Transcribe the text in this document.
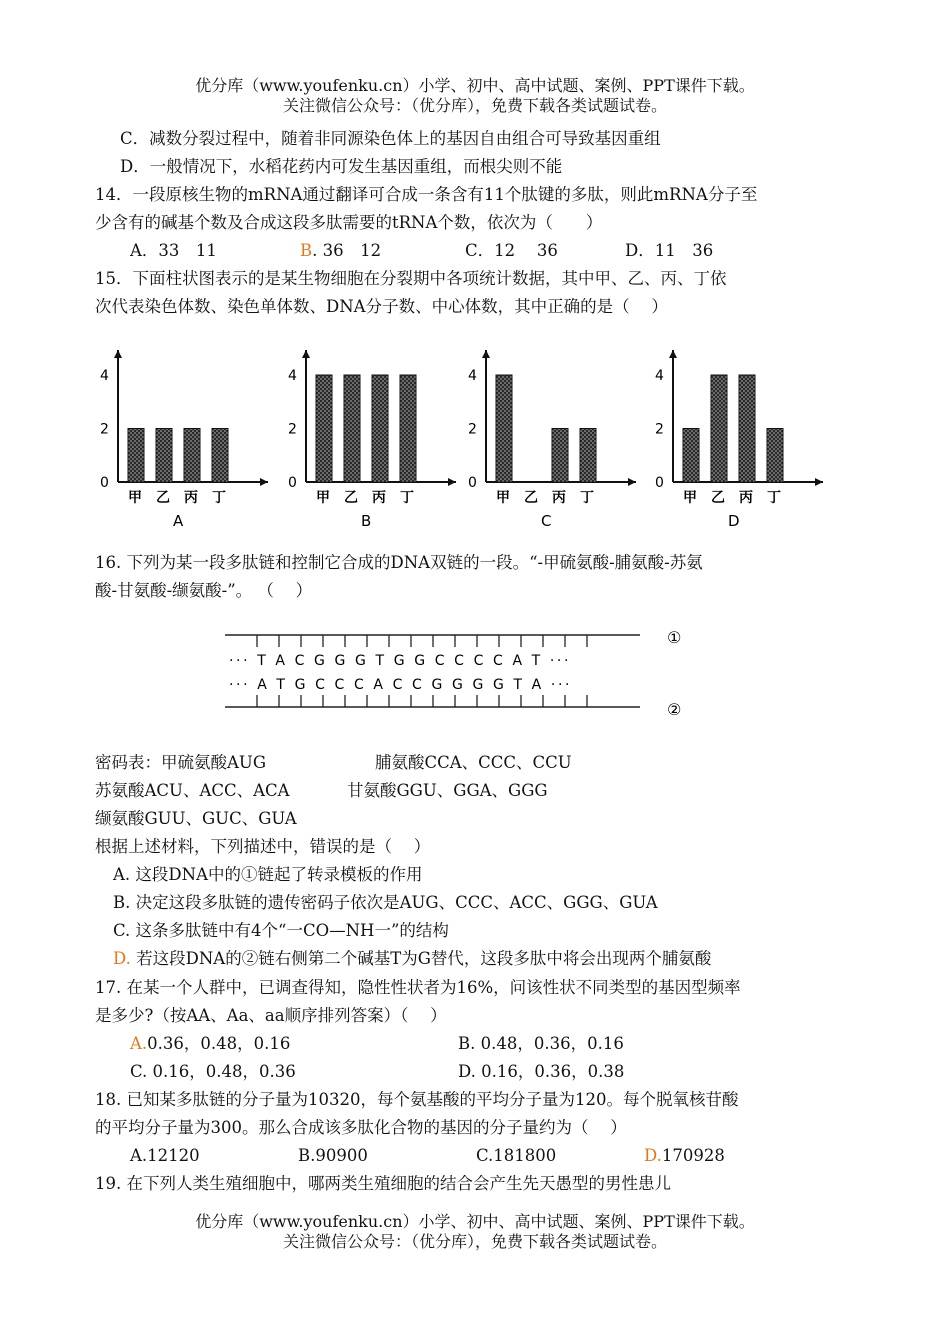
优分库（www.youfenku.cn）小学、初中、高中试题、案例、PPT课件下载。
关注微信公众号：（优分库），免费下载各类试题试卷。
C．减数分裂过程中，随着非同源染色体上的基因自由组合可导致基因重组
D．一般情况下，水稻花药内可发生基因重组，而根尖则不能
14．一段原核生物的mRNA通过翻译可合成一条含有11个肽键的多肽，则此mRNA分子至
少含有的碱基个数及合成这段多肽需要的tRNA个数，依次为（　　）
A．33　11	B. 36　12	C．12　 36	D．11　36
15．下面柱状图表示的是某生物细胞在分裂期中各项统计数据，其中甲、乙、丙、丁依
次代表染色体数、染色单体数、DNA分子数、中心体数，其中正确的是（　 ）
0
2
4
甲 乙 丙 丁
A
0
2
4
甲 乙 丙 丁
B
0
2
4
甲 乙 丙 丁
C
0
2
4
甲 乙 丙 丁
D
16. 下列为某一段多肽链和控制它合成的DNA双链的一段。“-甲硫氨酸-脯氨酸-苏氨
酸-甘氨酸-缬氨酸-”。 （　 ）
··· T A C G G G T G G C C C C A T ···
··· A T G C C C A C C G G G G T A ···
①
②
密码表：甲硫氨酸AUG	脯氨酸CCA、CCC、CCU
苏氨酸ACU、ACC、ACA	甘氨酸GGU、GGA、GGG
缬氨酸GUU、GUC、GUA
根据上述材料，下列描述中，错误的是（　 ）
A. 这段DNA中的①链起了转录模板的作用
B. 决定这段多肽链的遗传密码子依次是AUG、CCC、ACC、GGG、GUA
C. 这条多肽链中有4个“一CO—NH一”的结构
D. 若这段DNA的②链右侧第二个碱基T为G替代，这段多肽中将会出现两个脯氨酸
17. 在某一个人群中，已调查得知，隐性性状者为16%，问该性状不同类型的基因型频率
是多少?（按AA、Aa、aa顺序排列答案）（　 ）
A.0.36，0.48，0.16	B. 0.48，0.36，0.16
C. 0.16，0.48，0.36	D. 0.16，0.36，0.38
18. 已知某多肽链的分子量为10320，每个氨基酸的平均分子量为120。每个脱氧核苷酸
的平均分子量为300。那么合成该多肽化合物的基因的分子量约为（　 ）
A.12120	B.90900	C.181800	D.170928
19. 在下列人类生殖细胞中，哪两类生殖细胞的结合会产生先天愚型的男性患儿
优分库（www.youfenku.cn）小学、初中、高中试题、案例、PPT课件下载。
关注微信公众号：（优分库），免费下载各类试题试卷。
